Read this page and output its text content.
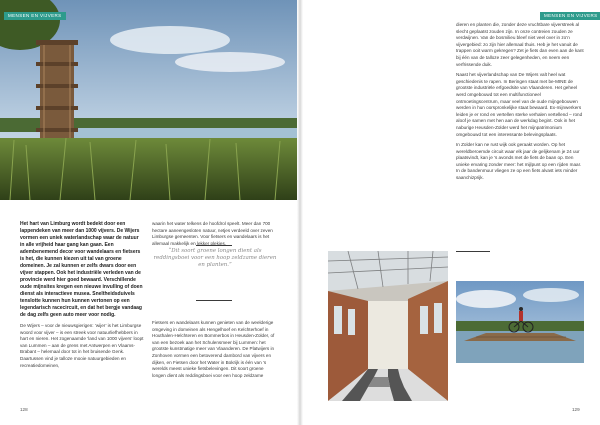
MENSEN EN VIJVERS

Het hart van Limburg wordt bedekt door een lappendeken van meer dan 1000 vijvers. De Wijers vormen een uniek waterlandschap waar de natuur in alle vrijheid haar gang kan gaan. Een adembenemend decor voor wandelaars en fietsers is het, die kunnen kiezen uit tal van groene domeinen. Je zal kunnen er zelfs dwars door een vijver stappen. Ook het industriële verleden van de provincie werd hier goed bewaard. Verschillende oude mijnsites kregen een nieuwe invulling of doen dienst als interactieve musea. Sneltheidsduivels tenslotte kunnen hun kunnen vertonen op een legendarisch racecircuit, en dat het bergje vandaag de dag zelfs geen auto meer voor nodig.

De Wijers – voor de nieuwsgierigen: ‘wijer’ is het Limburgse woord voor vijver – is een streek voor natuurliefhebbers in hart en nieren. Het zogenaamde ‘land van 1000 vijvers’ loopt van Lummen – aan de grens met Antwerpen en Vlaams-Brabant – helemaal door tot in het bruisende Genk. Daartussen vind je talloze mooie natuurgebieden en recreatiedomeinen,

waarin het water telkens de hoofdrol speelt. Meer dan 700 hectare aaneengesloten natuur, netjes verdeeld over zeven Limburgse gemeenten. Voor fietsers en wandelaars is het allemaal makkelijk en lekker plekjes.

“Dit soort groene longen dient als reddingsboei voor een hoop zeldzame dieren en planten.”

Fietsers en wandelaars kunnen genieten van de weelderige omgeving in domeinen als Hengelhoef en Kelchterhoef in Houthalen-Helchteren en Bommerbos in Heusden-Zolder, of van een bezoek aan het Schulensmeer bij Lummen: het grootste kunstmatige meer van Vlaanderen. De Platwijers in Zonhoven vormen een betoverend dambord van vijvers en dijken, en Fietsen door het Water in Bokrijk is één van ’s werelds meest unieke fietsbelevingen. Dit soort groene longen dient als reddingsboei voor een hoop zeldzame

128
MENSEN EN VIJVERS

dieren en planten die, zonder deze vruchtbare vijverstreek al slecht geplaatst zouden zijn. In onze contreien zouden ze verdwijnen. Van de bosmilieu bleef niet veel over in zo’n vijvergebied: zo zijn hier allemaal thuis. Heb je het vanuit de trappen ooit warm gekregen? Zet je fiets dan even aan de kant bij één van de talloze zeer gelegenheden, en neem een verfrissende duik.

Naast het vijverlandschap van De Wijers valt heel wat geschiedenis te rapen. In Beringen staat met be-MINE de grootste industriële erfgoedsite van Vlaanderen. Het geheel werd omgebouwd tot een multifunctioneel ontmoetingscentrum, maar veel van de oude mijngebouwen werden in hun oorspronkelijke staat bewaard. Ex-mijnwerkers leiden je er rond en vertellen sterke verhalen vertellend – rond aloof je samen met hen aan de werkdag begint. Ook in het naburige Heusden-Zolder werd het mijnpatrimonium omgebouwd tot een interessante belevingsplaats.

In Zolder kan ne rust wijk ook geraakt worden. Op het wereldberoemde circuit waar elk jaar de gelijkenam je 24 uur plaatsvindt, kan je ’s avonds met de fiets de baan op. Een unieke ervaring zonder meer: het mijlpunt op een rijden maar. In de bandenmuur vliegen ze op een fiets alvast iets minder saanchizprijk.

129
